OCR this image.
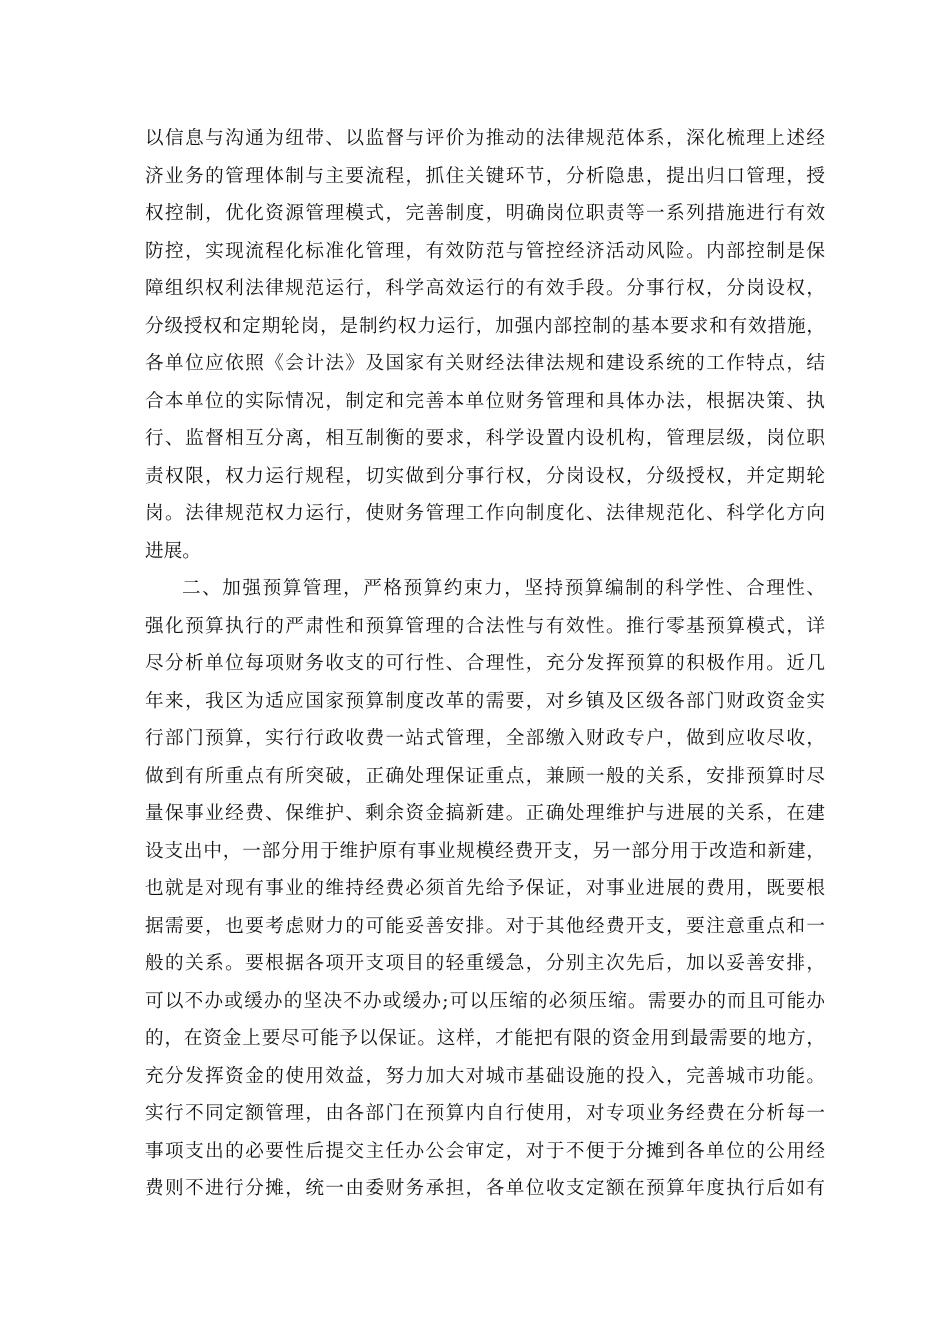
以信息与沟通为纽带、以监督与评价为推动的法律规范体系，深化梳理上述经
济业务的管理体制与主要流程，抓住关键环节，分析隐患，提出归口管理，授
权控制，优化资源管理模式，完善制度，明确岗位职责等一系列措施进行有效
防控，实现流程化标准化管理，有效防范与管控经济活动风险。内部控制是保
障组织权利法律规范运行，科学高效运行的有效手段。分事行权，分岗设权，
分级授权和定期轮岗，是制约权力运行，加强内部控制的基本要求和有效措施，
各单位应依照《会计法》及国家有关财经法律法规和建设系统的工作特点，结
合本单位的实际情况，制定和完善本单位财务管理和具体办法，根据决策、执
行、监督相互分离，相互制衡的要求，科学设置内设机构，管理层级，岗位职
责权限，权力运行规程，切实做到分事行权，分岗设权，分级授权，并定期轮
岗。法律规范权力运行，使财务管理工作向制度化、法律规范化、科学化方向
进展。
二、加强预算管理，严格预算约束力，坚持预算编制的科学性、合理性、
强化预算执行的严肃性和预算管理的合法性与有效性。推行零基预算模式，详
尽分析单位每项财务收支的可行性、合理性，充分发挥预算的积极作用。近几
年来，我区为适应国家预算制度改革的需要，对乡镇及区级各部门财政资金实
行部门预算，实行行政收费一站式管理，全部缴入财政专户，做到应收尽收，
做到有所重点有所突破，正确处理保证重点，兼顾一般的关系，安排预算时尽
量保事业经费、保维护、剩余资金搞新建。正确处理维护与进展的关系，在建
设支出中，一部分用于维护原有事业规模经费开支，另一部分用于改造和新建，
也就是对现有事业的维持经费必须首先给予保证，对事业进展的费用，既要根
据需要，也要考虑财力的可能妥善安排。对于其他经费开支，要注意重点和一
般的关系。要根据各项开支项目的轻重缓急，分别主次先后，加以妥善安排，
可以不办或缓办的坚决不办或缓办;可以压缩的必须压缩。需要办的而且可能办
的，在资金上要尽可能予以保证。这样，才能把有限的资金用到最需要的地方，
充分发挥资金的使用效益，努力加大对城市基础设施的投入，完善城市功能。
实行不同定额管理，由各部门在预算内自行使用，对专项业务经费在分析每一
事项支出的必要性后提交主任办公会审定，对于不便于分摊到各单位的公用经
费则不进行分摊，统一由委财务承担，各单位收支定额在预算年度执行后如有
